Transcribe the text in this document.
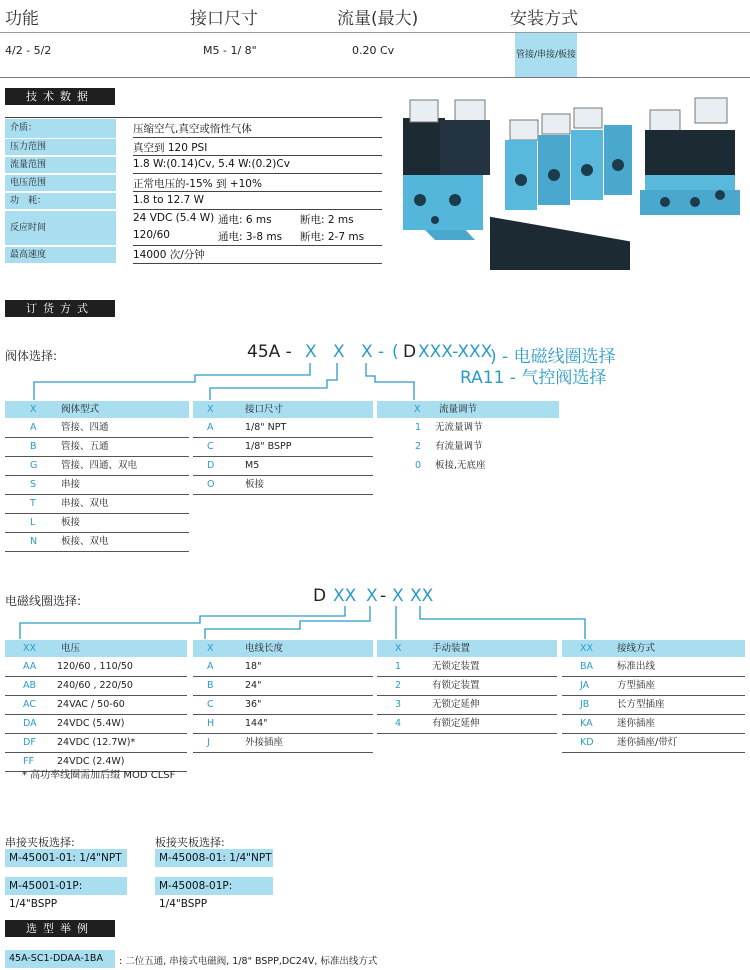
功能	接口尺寸	流量(最大)	安装方式
4/2 - 5/2	M5 - 1/ 8"	0.20 Cv	管接/串接/板接
技术数据
介质：	压缩空气,真空或惰性气体
压力范围	真空到 120 PSI
流量范围	1.8 W:(0.14)Cv, 5.4 W:(0.2)Cv
电压范围	正常电压的-15% 到 +10%
功　耗：	1.8 to 12.7 W
反应时间
24 VDC (5.4 W) 通电: 6 ms	断电: 2 ms
120/60	通电: 3-8 ms 断电: 2-7 ms
最高速度	14000 次/分钟
订货方式
阀体选择:	45A - X X X - ( D XXX-XXX
) - 电磁线圈选择
RA11 - 气控阀选择
X	阀体型式
A	管接、四通
B	管接、五通
G 管接、四通、双电
S	串接
T	串接、双电
L	板接
N	板接、双电
X	接口尺寸
A	1/8" NPT
C	1/8" BSPP
D	M5
O	板接
X 流量调节
1 无流量调节
2 有流量调节
0 板接,无底座
电磁线圈选择:	D XX X - X XX
XX	电压
AA 120/60 , 110/50
AB 240/60 , 220/50
AC 24VAC / 50-60
DA 24VDC (5.4W)
DF 24VDC (12.7W)*
FF 24VDC (2.4W)
X	电线长度
A	18"
B	24"
C	36"
H	144"
J	外接插座
X	手动装置
1	无锁定装置
2	有锁定装置
3	无锁定延伸
4	有锁定延伸
XX	接线方式
BA	标准出线
JA	方型插座
JB	长方型插座
KA	迷你插座
KD 迷你插座/带灯
* 高功率线圈需加后缀 MOD CLSF
串接夹板选择:
M-45001-01: 1/4"NPT
M-45001-01P: 1/4"BSPP
板接夹板选择:
M-45008-01: 1/4"NPT
M-45008-01P: 1/4"BSPP
选型举例
45A-SC1-DDAA-1BA	: 二位五通, 串接式电磁阀, 1/8" BSPP,DC24V, 标准出线方式
